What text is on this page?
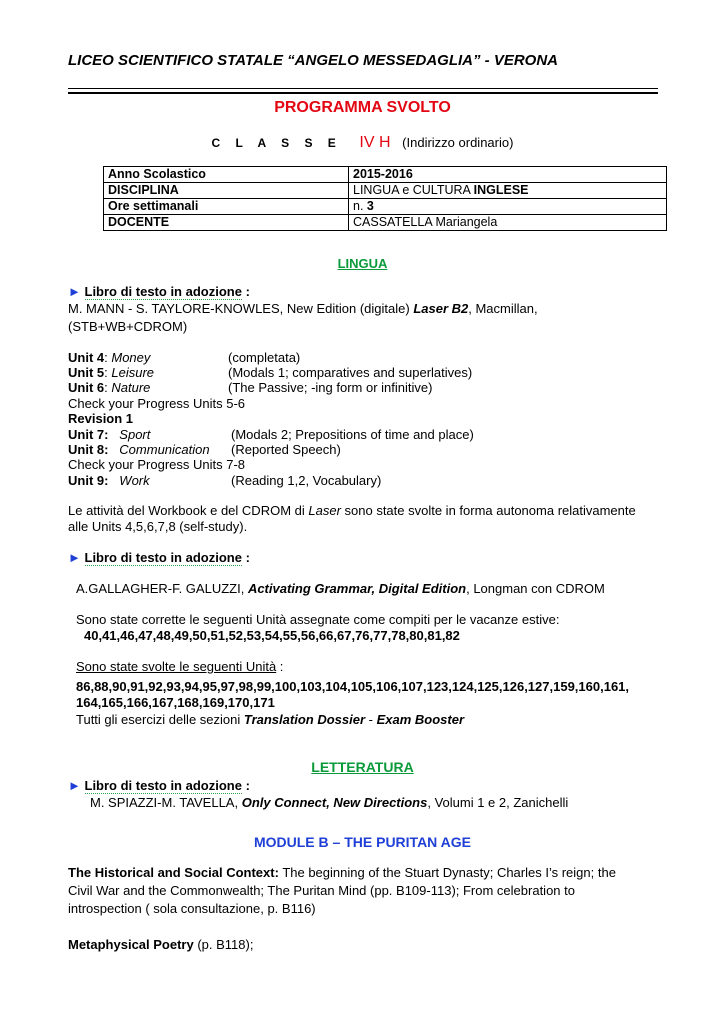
LICEO SCIENTIFICO STATALE “ANGELO MESSEDAGLIA” - VERONA
PROGRAMMA SVOLTO
C L A S S E IV H (Indirizzo ordinario)
Anno Scolastico	2015-2016
DISCIPLINA	LINGUA e CULTURA INGLESE
Ore settimanali	n. 3
DOCENTE	CASSATELLA Mariangela
LINGUA
► Libro di testo in adozione :
M. MANN - S. TAYLORE-KNOWLES, New Edition (digitale) Laser B2, Macmillan,
(STB+WB+CDROM)
Unit 4: Money	(completata)
Unit 5: Leisure	(Modals 1; comparatives and superlatives)
Unit 6: Nature	(The Passive; -ing form or infinitive)
Check your Progress Units 5-6
Revision 1
Unit 7: Sport	(Modals 2; Prepositions of time and place)
Unit 8: Communication (Reported Speech)
Check your Progress Units 7-8
Unit 9: Work	(Reading 1,2, Vocabulary)
Le attività del Workbook e del CDROM di Laser sono state svolte in forma autonoma relativamente
alle Units 4,5,6,7,8 (self-study).
► Libro di testo in adozione :
A.GALLAGHER-F. GALUZZI, Activating Grammar, Digital Edition, Longman con CDROM
Sono state corrette le seguenti Unità assegnate come compiti per le vacanze estive:
40,41,46,47,48,49,50,51,52,53,54,55,56,66,67,76,77,78,80,81,82
Sono state svolte le seguenti Unità :
86,88,90,91,92,93,94,95,97,98,99,100,103,104,105,106,107,123,124,125,126,127,159,160,161,
164,165,166,167,168,169,170,171
Tutti gli esercizi delle sezioni Translation Dossier - Exam Booster
LETTERATURA
► Libro di testo in adozione :
M. SPIAZZI-M. TAVELLA, Only Connect, New Directions, Volumi 1 e 2, Zanichelli
MODULE B – THE PURITAN AGE
The Historical and Social Context: The beginning of the Stuart Dynasty; Charles I’s reign; the
Civil War and the Commonwealth; The Puritan Mind (pp. B109-113); From celebration to
introspection ( sola consultazione, p. B116)
Metaphysical Poetry (p. B118);
